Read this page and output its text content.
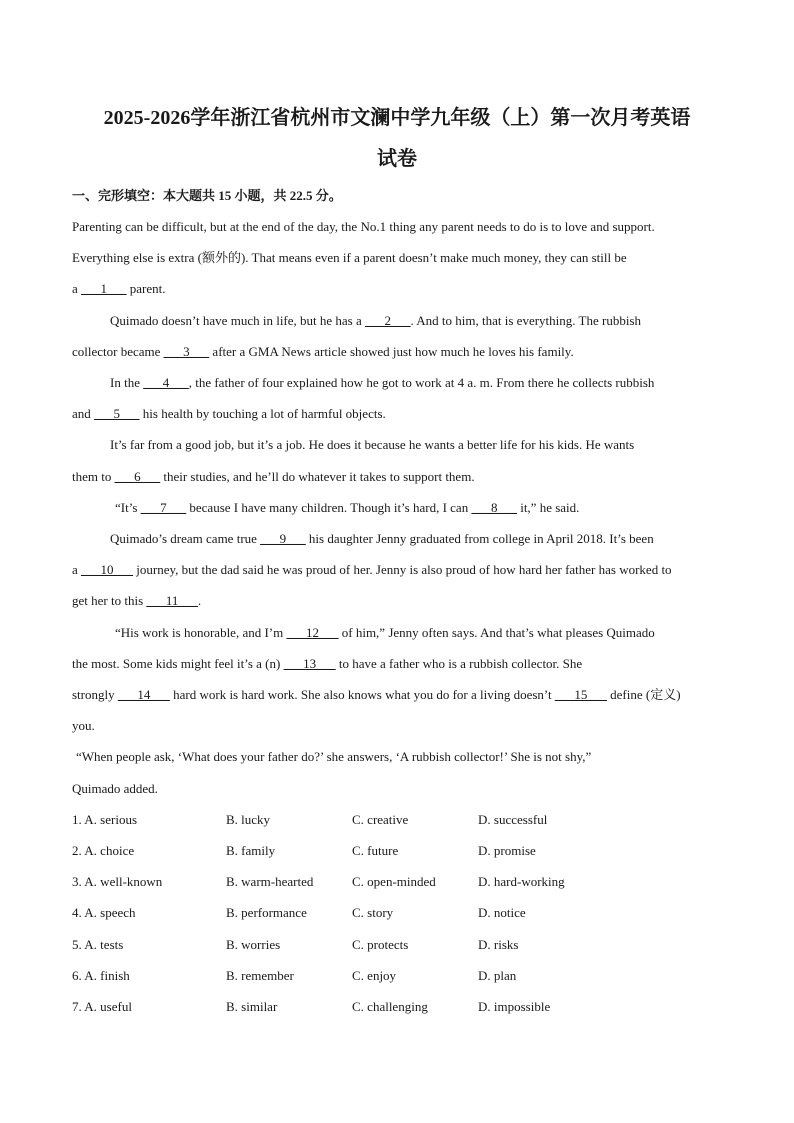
2025-2026学年浙江省杭州市文澜中学九年级（上）第一次月考英语
试卷
一、完形填空：本大题共 15 小题，共 22.5 分。
Parenting can be difficult, but at the end of the day, the No.1 thing any parent needs to do is to love and support.
Everything else is extra (额外的). That means even if a parent doesn’t make much money, they can still be
a ___1___ parent.
Quimado doesn’t have much in life, but he has a ___2___. And to him, that is everything. The rubbish
collector became ___3___ after a GMA News article showed just how much he loves his family.
In the ___4___, the father of four explained how he got to work at 4 a. m. From there he collects rubbish
and ___5___ his health by touching a lot of harmful objects.
It’s far from a good job, but it’s a job. He does it because he wants a better life for his kids. He wants
them to ___6___ their studies, and he’ll do whatever it takes to support them.
“It’s ___7___ because I have many children. Though it’s hard, I can ___8___ it,” he said.
Quimado’s dream came true ___9___ his daughter Jenny graduated from college in April 2018. It’s been
a ___10___ journey, but the dad said he was proud of her. Jenny is also proud of how hard her father has worked to
get her to this ___11___.
“His work is honorable, and I’m ___12___ of him,” Jenny often says. And that’s what pleases Quimado
the most. Some kids might feel it’s a (n) ___13___ to have a father who is a rubbish collector. She
strongly ___14___ hard work is hard work. She also knows what you do for a living doesn’t ___15___ define (定义)
you.
“When people ask, ‘What does your father do?’ she answers, ‘A rubbish collector!’ She is not shy,”
Quimado added.
1. A. serious	B. lucky	C. creative	D. successful
2. A. choice	B. family	C. future	D. promise
3. A. well-known	B. warm-hearted	C. open-minded	D. hard-working
4. A. speech	B. performance	C. story	D. notice
5. A. tests	B. worries	C. protects	D. risks
6. A. finish	B. remember	C. enjoy	D. plan
7. A. useful	B. similar	C. challenging	D. impossible
